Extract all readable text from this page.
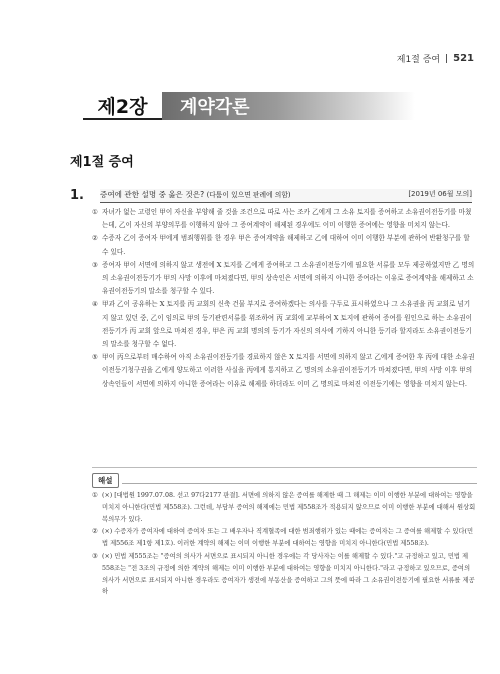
제1절 증여 521
제2장	계약각론
제1절 증여
1.	증여에 관한 설명 중 옳은 것은? (다툼이 있으면 판례에 의함)	[2019년 06월 모의]
① 자녀가 없는 고령인 甲이 자신을 부양해 줄 것을 조건으로 따로 사는 조카 乙에게 그 소유 토지를 증여하고 소유권이전등기를 마쳤는데, 乙이 자신의 부양의무를 이행하지 않아 그 증여계약이 해제된 경우에도 이미 이행한 증여에는 영향을 미치지 않는다.
② 수증자 乙이 증여자 甲에게 범죄행위를 한 경우 甲은 증여계약을 해제하고 乙에 대하여 이미 이행한 부분에 관하여 반환청구를 할 수 있다.
③ 증여자 甲이 서면에 의하지 않고 생전에 X 토지를 乙에게 증여하고 그 소유권이전등기에 필요한 서류를 모두 제공하였지만 乙 명의의 소유권이전등기가 甲의 사망 이후에 마쳐졌다면, 甲의 상속인은 서면에 의하지 아니한 증여라는 이유로 증여계약을 해제하고 소유권이전등기의 말소를 청구할 수 있다.
④ 甲과 乙이 공유하는 X 토지를 丙 교회의 신축 건물 부지로 증여하겠다는 의사를 구두로 표시하였으나 그 소유권을 丙 교회로 넘기지 않고 있던 중, 乙이 임의로 甲의 등기관련서류를 위조하여 丙 교회에 교부하여 X 토지에 관하여 증여를 원인으로 하는 소유권이전등기가 丙 교회 앞으로 마쳐진 경우, 甲은 丙 교회 명의의 등기가 자신의 의사에 기하지 아니한 등기라 할지라도 소유권이전등기의 말소를 청구할 수 없다.
⑤ 甲이 丙으로부터 매수하여 아직 소유권이전등기를 경료하지 않은 X 토지를 서면에 의하지 않고 乙에게 증여한 후 丙에 대한 소유권이전등기청구권을 乙에게 양도하고 이러한 사실을 丙에게 통지하고 乙 명의의 소유권이전등기가 마쳐졌다면, 甲의 사망 이후 甲의 상속인들이 서면에 의하지 아니한 증여라는 이유로 해제를 하더라도 이미 乙 명의로 마쳐진 이전등기에는 영향을 미치지 않는다.
해설
① (×) [대법원 1997.07.08. 선고 97다2177 판결]. 서면에 의하지 않은 증여를 해제한 때 그 해제는 이미 이행한 부분에 대하여는 영향을 미치지 아니한다(민법 제558조). 그런데, 부담부 증여의 해제에는 민법 제558조가 적용되지 않으므로 이미 이행한 부분에 대해서 원상회복의무가 있다.
② (×) 수증자가 증여자에 대하여 증여자 또는 그 배우자나 직계혈족에 대한 범죄행위가 있는 때에는 증여자는 그 증여를 해제할 수 있다(민법 제556조 제1항 제1호). 이러한 계약의 해제는 이미 이행한 부분에 대하여는 영향을 미치지 아니한다(민법 제558조).
③ (×) 민법 제555조는 "증여의 의사가 서면으로 표시되지 아니한 경우에는 각 당사자는 이를 해제할 수 있다."고 규정하고 있고, 민법 제558조는 "전 3조의 규정에 의한 계약의 해제는 이미 이행한 부분에 대하여는 영향을 미치지 아니한다."라고 규정하고 있으므로, 증여의 의사가 서면으로 표시되지 아니한 경우라도 증여자가 생전에 부동산을 증여하고 그의 뜻에 따라 그 소유권이전등기에 필요한 서류를 제공하
